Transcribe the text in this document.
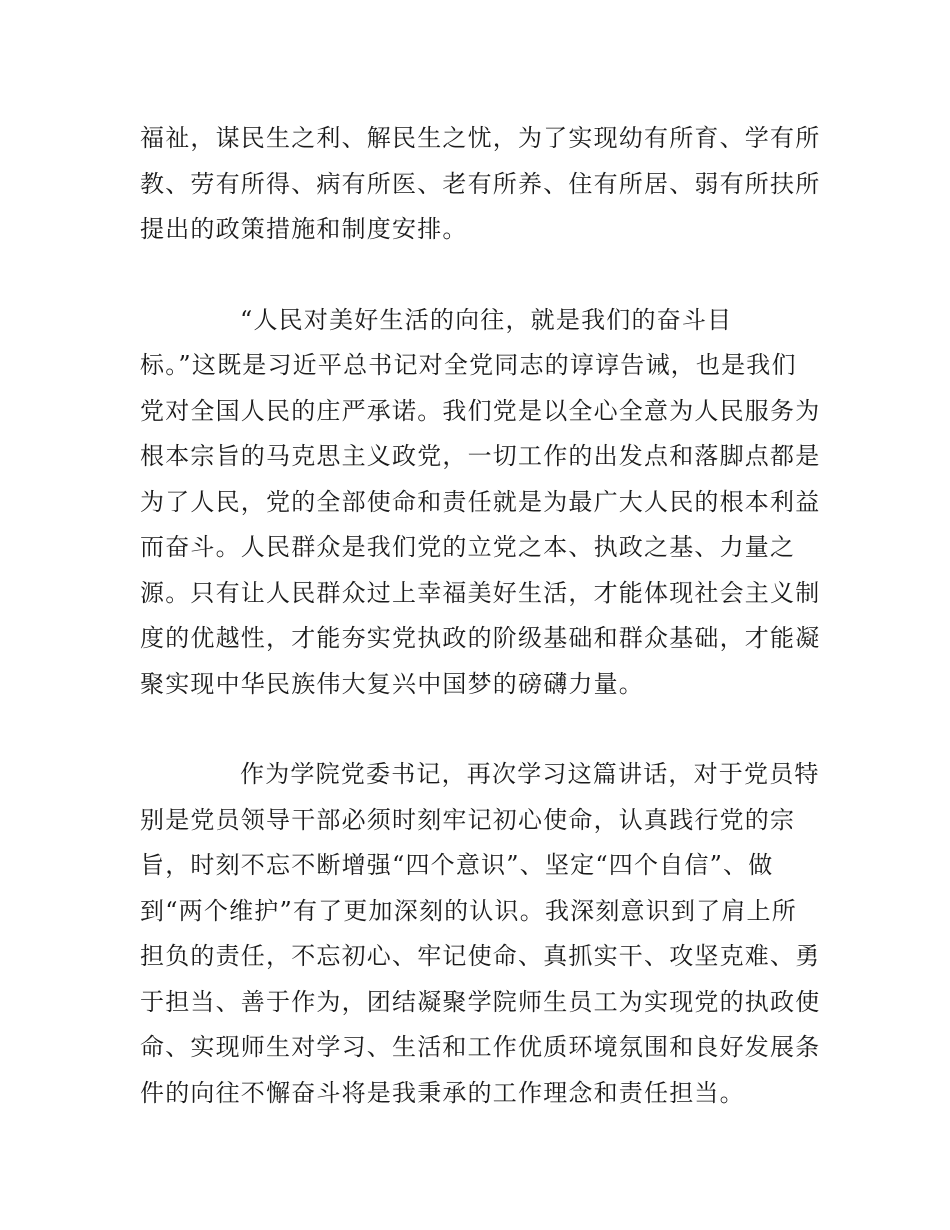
福祉，谋民生之利、解民生之忧，为了实现幼有所育、学有所
教、劳有所得、病有所医、老有所养、住有所居、弱有所扶所
提出的政策措施和制度安排。
“人民对美好生活的向往，就是我们的奋斗目
标。”这既是习近平总书记对全党同志的谆谆告诫，也是我们
党对全国人民的庄严承诺。我们党是以全心全意为人民服务为
根本宗旨的马克思主义政党，一切工作的出发点和落脚点都是
为了人民，党的全部使命和责任就是为最广大人民的根本利益
而奋斗。人民群众是我们党的立党之本、执政之基、力量之
源。只有让人民群众过上幸福美好生活，才能体现社会主义制
度的优越性，才能夯实党执政的阶级基础和群众基础，才能凝
聚实现中华民族伟大复兴中国梦的磅礴力量。
作为学院党委书记，再次学习这篇讲话，对于党员特
别是党员领导干部必须时刻牢记初心使命，认真践行党的宗
旨，时刻不忘不断增强“四个意识”、坚定“四个自信”、做
到“两个维护”有了更加深刻的认识。我深刻意识到了肩上所
担负的责任，不忘初心、牢记使命、真抓实干、攻坚克难、勇
于担当、善于作为，团结凝聚学院师生员工为实现党的执政使
命、实现师生对学习、生活和工作优质环境氛围和良好发展条
件的向往不懈奋斗将是我秉承的工作理念和责任担当。
